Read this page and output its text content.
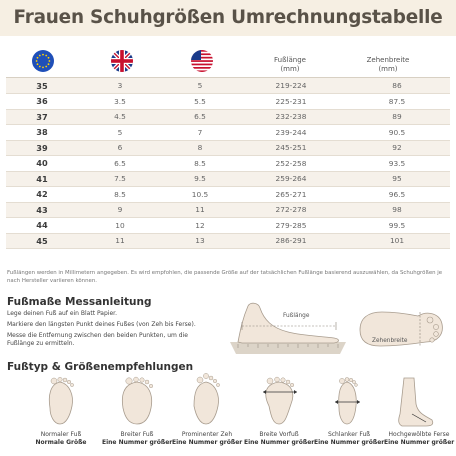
Frauen Schuhgrößen Umrechnungstabelle
Fußlänge
(mm)
Zehenbreite
(mm)
35	3	5	219-224	86
36	3.5	5.5	225-231	87.5
37	4.5	6.5	232-238	89
38	5	7	239-244	90.5
39	6	8	245-251	92
40	6.5	8.5	252-258	93.5
41	7.5	9.5	259-264	95
42	8.5	10.5	265-271	96.5
43	9	11	272-278	98
44	10	12	279-285	99.5
45	11	13	286-291	101
Fußlängen werden in Millimetern angegeben. Es wird empfohlen, die passende Größe auf der tatsächlichen Fußlänge basierend auszuwählen, da Schuhgrößen je nach Hersteller variieren können.
Fußmaße Messanleitung
Lege deinen Fuß auf ein Blatt Papier.
Markiere den längsten Punkt deines Fußes (von Zeh bis Ferse).
Messe die Entfernung zwischen den beiden Punkten, um die
Fußlänge zu ermitteln.
Fußlänge
Zehenbreite
Fußtyp & Größenempfehlungen
Normaler Fuß
Normale Größe
Breiter Fuß
Eine Nummer größer
Prominenter Zeh
Eine Nummer größer
Breite Vorfuß
Eine Nummer größer
Schlanker Fuß
Eine Nummer größer
Hochgewölbte Ferse
Eine Nummer größer
